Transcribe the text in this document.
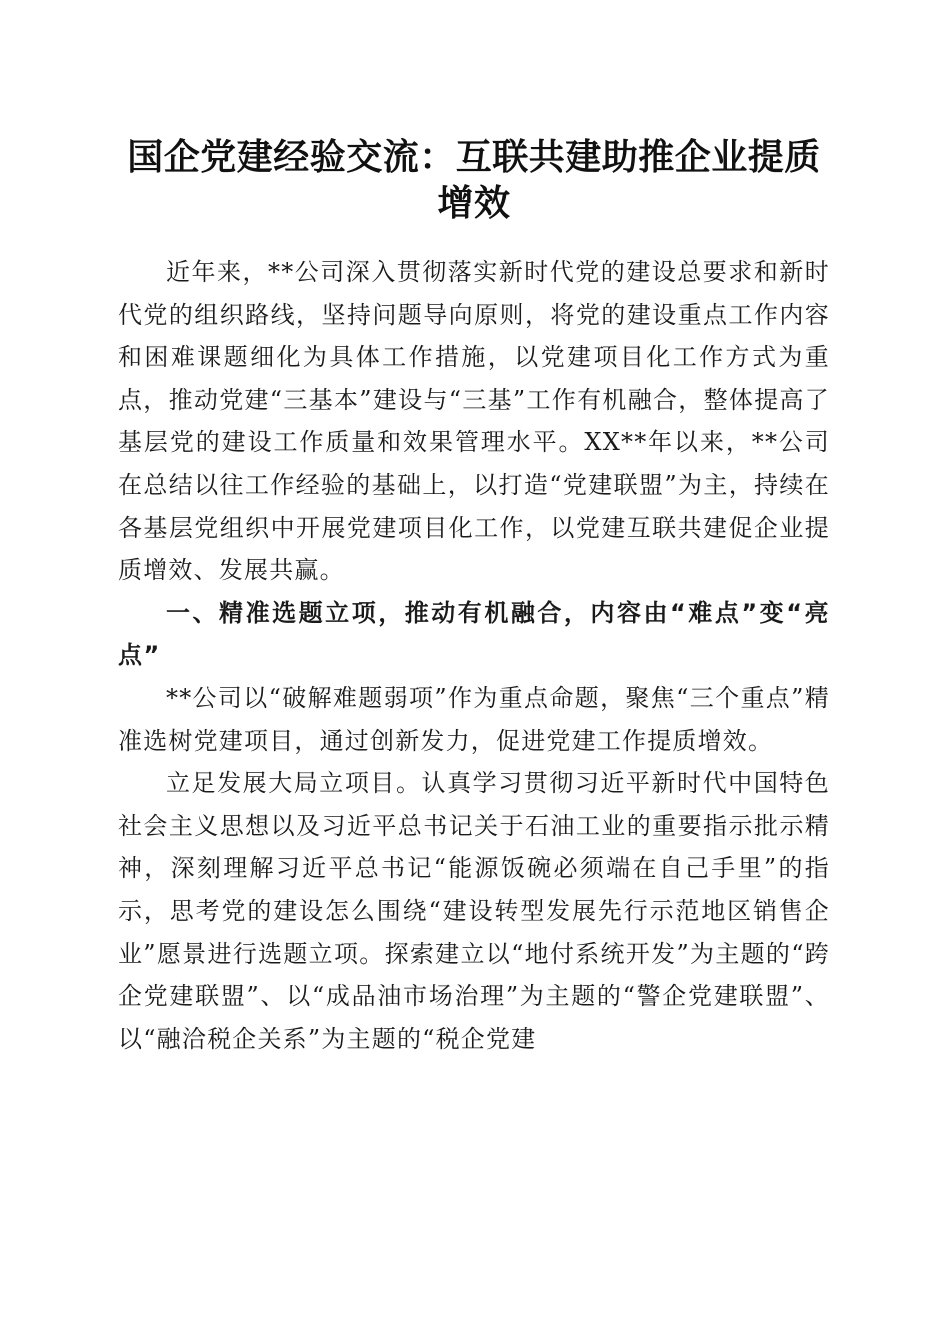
国企党建经验交流：互联共建助推企业提质增效

近年来，**公司深入贯彻落实新时代党的建设总要求和新时代党的组织路线，坚持问题导向原则，将党的建设重点工作内容和困难课题细化为具体工作措施，以党建项目化工作方式为重点，推动党建“三基本”建设与“三基”工作有机融合，整体提高了基层党的建设工作质量和效果管理水平。XX**年以来，**公司在总结以往工作经验的基础上，以打造“党建联盟”为主，持续在各基层党组织中开展党建项目化工作，以党建互联共建促企业提质增效、发展共赢。

一、精准选题立项，推动有机融合，内容由“难点”变“亮点”

**公司以“破解难题弱项”作为重点命题，聚焦“三个重点”精准选树党建项目，通过创新发力，促进党建工作提质增效。

立足发展大局立项目。认真学习贯彻习近平新时代中国特色社会主义思想以及习近平总书记关于石油工业的重要指示批示精神，深刻理解习近平总书记“能源饭碗必须端在自己手里”的指示，思考党的建设怎么围绕“建设转型发展先行示范地区销售企业”愿景进行选题立项。探索建立以“地付系统开发”为主题的“跨企党建联盟”、以“成品油市场治理”为主题的“警企党建联盟”、以“融洽税企关系”为主题的“税企党建
